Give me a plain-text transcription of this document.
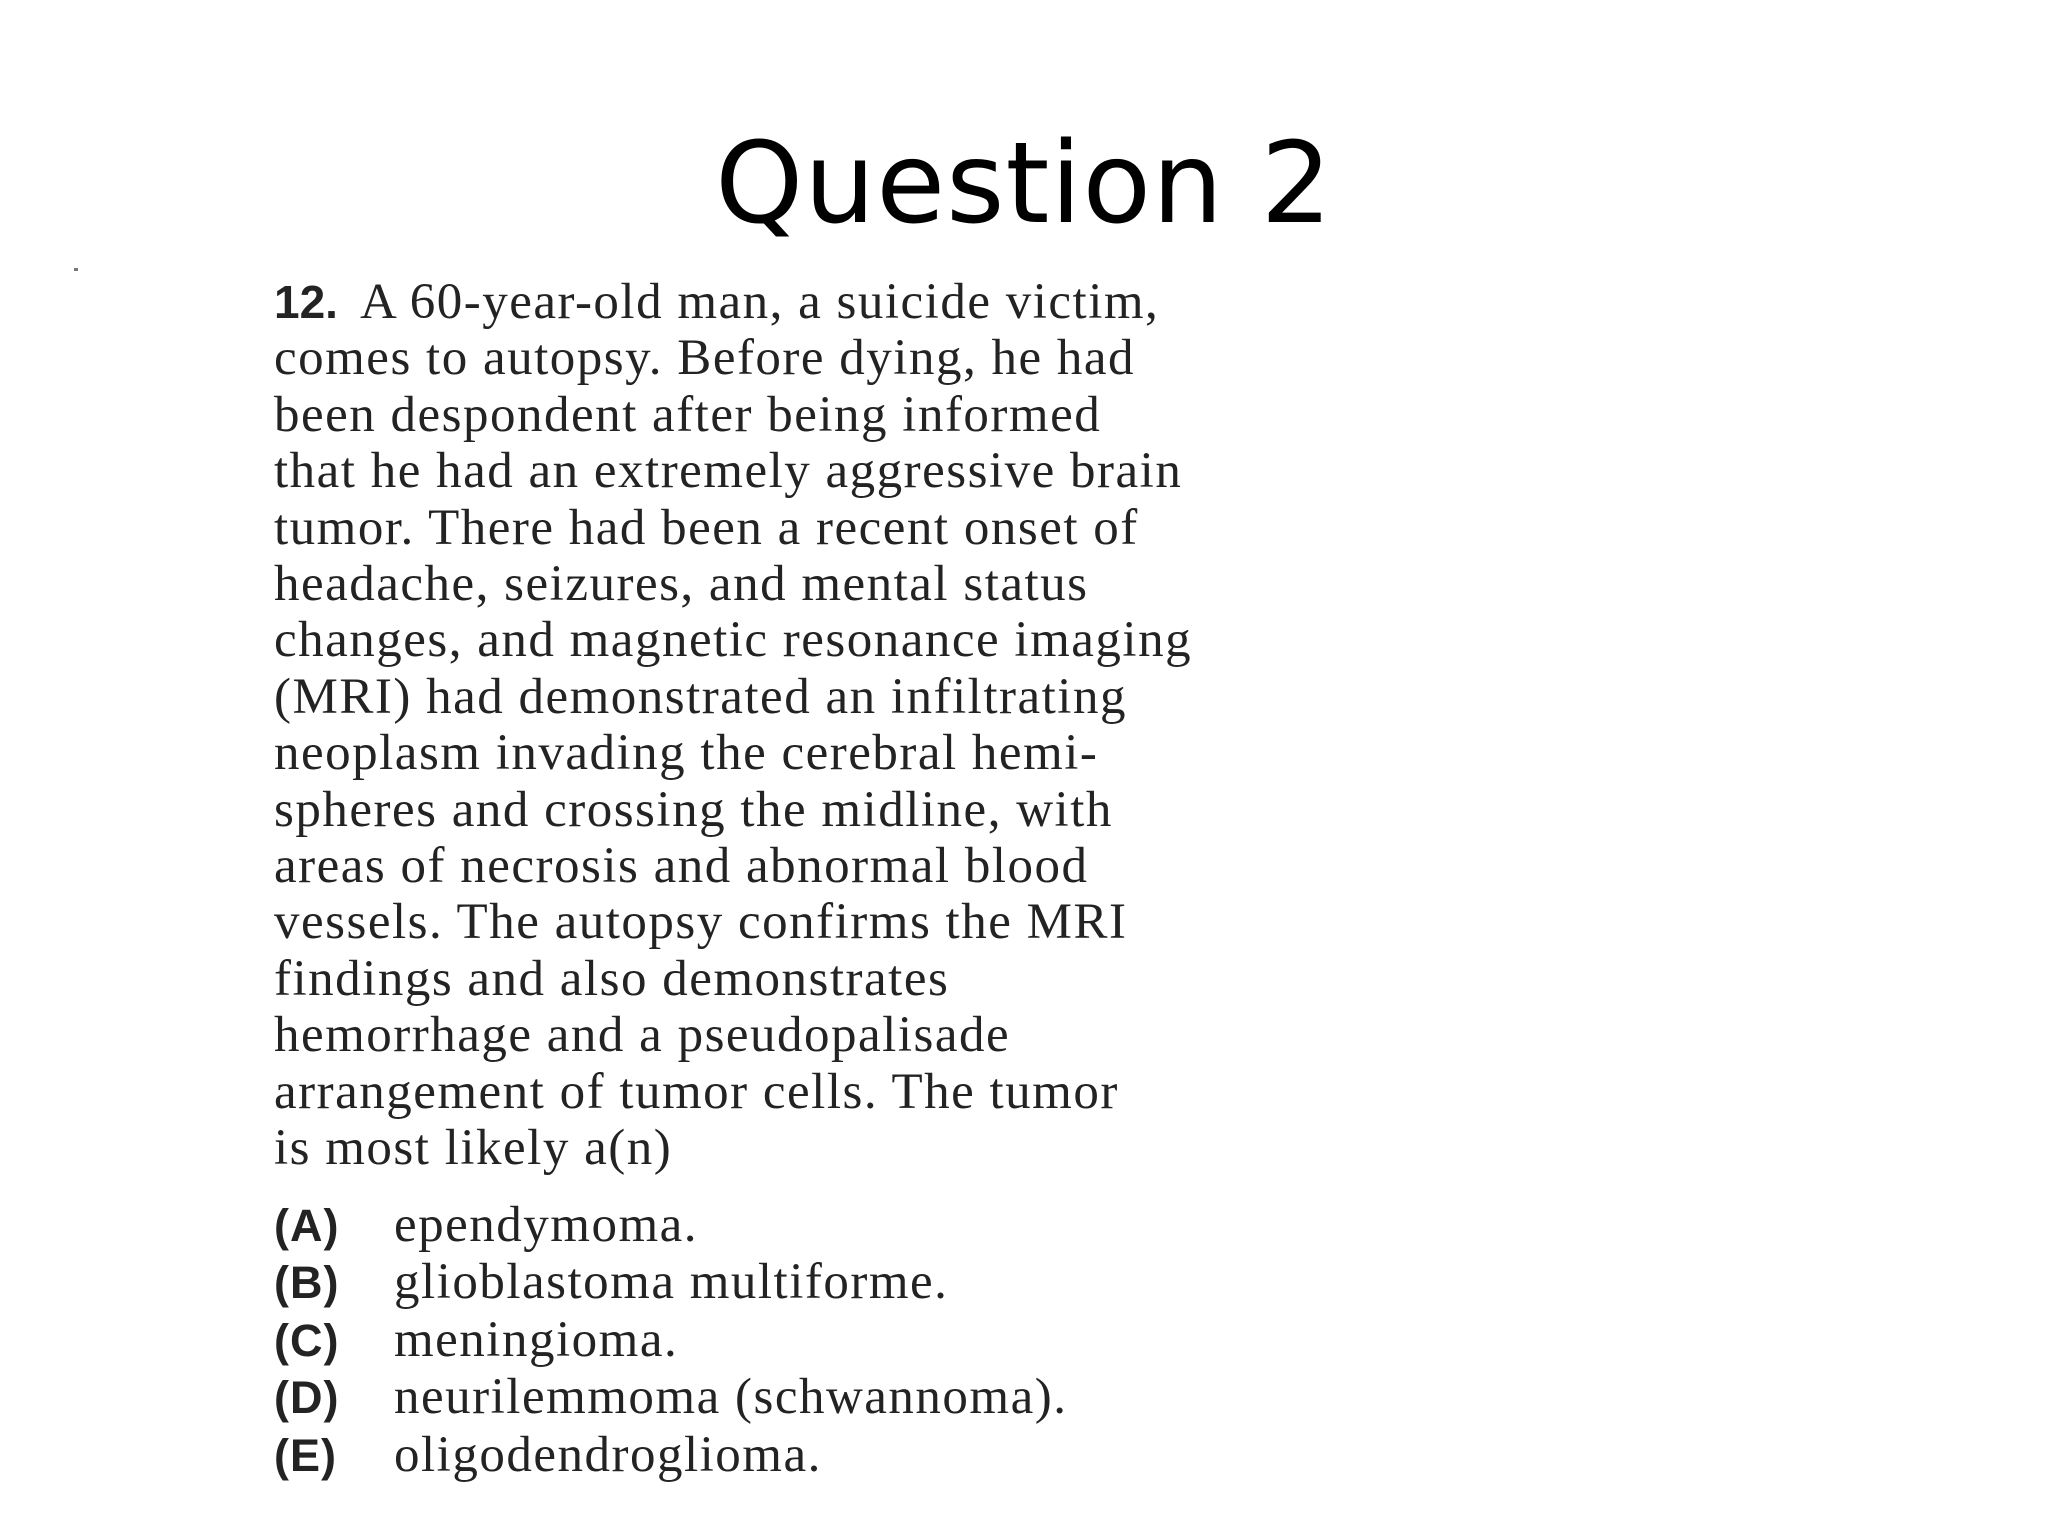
Question 2
12. A 60-year-old man, a suicide victim,
comes to autopsy. Before dying, he had
been despondent after being informed
that he had an extremely aggressive brain
tumor. There had been a recent onset of
headache, seizures, and mental status
changes, and magnetic resonance imaging
(MRI) had demonstrated an infiltrating
neoplasm invading the cerebral hemi-
spheres and crossing the midline, with
areas of necrosis and abnormal blood
vessels. The autopsy confirms the MRI
findings and also demonstrates
hemorrhage and a pseudopalisade
arrangement of tumor cells. The tumor
is most likely a(n)
(A)	ependymoma.
(B)	glioblastoma multiforme.
(C)	meningioma.
(D)	neurilemmoma (schwannoma).
(E)	oligodendroglioma.
